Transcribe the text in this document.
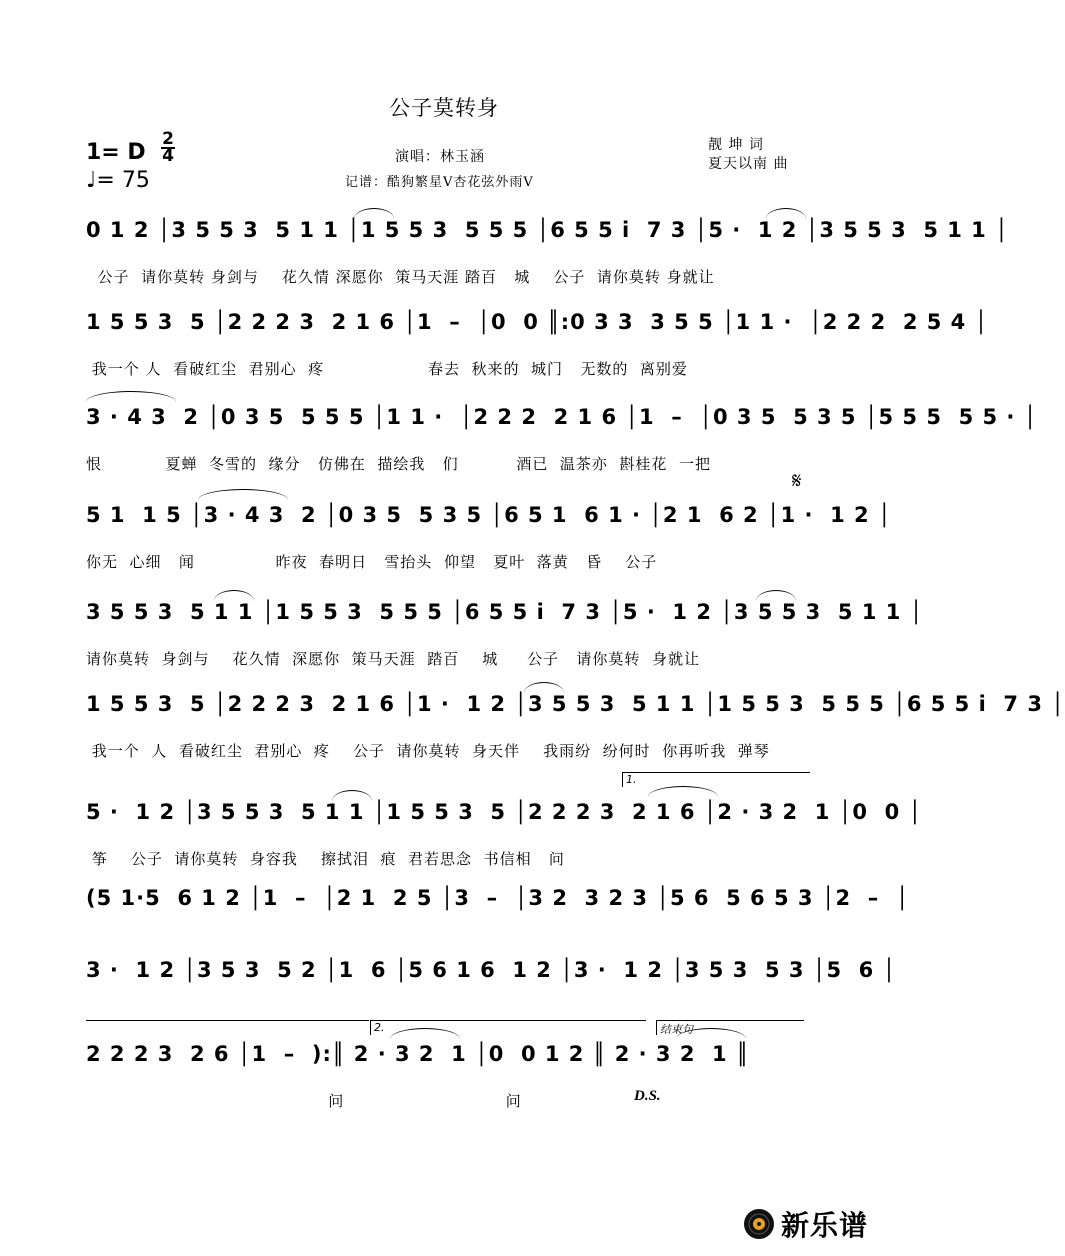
公子莫转身
1= D
2
4
♩= 75
演唱：林玉涵
记谱：酷狗繁星V杏花弦外雨V
靓 坤 词
夏天以南 曲
0 1 2 │3 5 5 3  5 1 1 │1 5 5 3  5 5 5 │6 5 5 i  7 3 │5 ·  1 2 │3 5 5 3  5 1 1 │
公子  请你莫转 身剑与    花久情 深愿你  策马天涯 踏百   城    公子  请你莫转 身就让
1 5 5 3  5 │2 2 2 3  2 1 6 │1  –  │0  0 ║:0 3 3  3 5 5 │1 1 ·  │2 2 2  2 5 4 │
我一个 人  看破红尘  君别心  疼                  春去  秋来的  城门   无数的  离别爱
3 · 4 3  2 │0 3 5  5 5 5 │1 1 ·  │2 2 2  2 1 6 │1  –  │0 3 5  5 3 5 │5 5 5  5 5 · │
恨           夏蝉  冬雪的  缘分   仿佛在  描绘我   们          酒已  温茶亦  斟桂花  一把
5 1  1 5 │3 · 4 3  2 │0 3 5  5 3 5 │6 5 1  6 1 · │2 1  6 2 │1 ·  1 2 │
你无  心细   闻              昨夜  春明日   雪抬头  仰望   夏叶  落黄   昏    公子
𝄋
3 5 5 3  5 1 1 │1 5 5 3  5 5 5 │6 5 5 i  7 3 │5 ·  1 2 │3 5 5 3  5 1 1 │
请你莫转  身剑与    花久情  深愿你  策马天涯  踏百    城     公子   请你莫转  身就让
1 5 5 3  5 │2 2 2 3  2 1 6 │1 ·  1 2 │3 5 5 3  5 1 1 │1 5 5 3  5 5 5 │6 5 5 i  7 3 │
我一个  人  看破红尘  君别心  疼    公子  请你莫转  身天伴    我雨纷  纷何时  你再听我  弹琴
5 ·  1 2 │3 5 5 3  5 1 1 │1 5 5 3  5 │2 2 2 3  2 1 6 │2 · 3 2  1 │0  0 │
筝    公子  请你莫转  身容我    擦拭泪  痕  君若思念  书信相   问
1.
(5 1·5  6 1 2 │1  –  │2 1  2 5 │3  –  │3 2  3 2 3 │5 6  5 6 5 3 │2  –  │
3 ·  1 2 │3 5 3  5 2 │1  6 │5 6 1 6  1 2 │3 ·  1 2 │3 5 3  5 3 │5  6 │
2 2 2 3  2 6 │1  –  ):║ 2 · 3 2  1 │0  0 1 2 ║ 2 · 3 2  1 ║
问                            问
2.	结束句
D.S.
新乐谱
